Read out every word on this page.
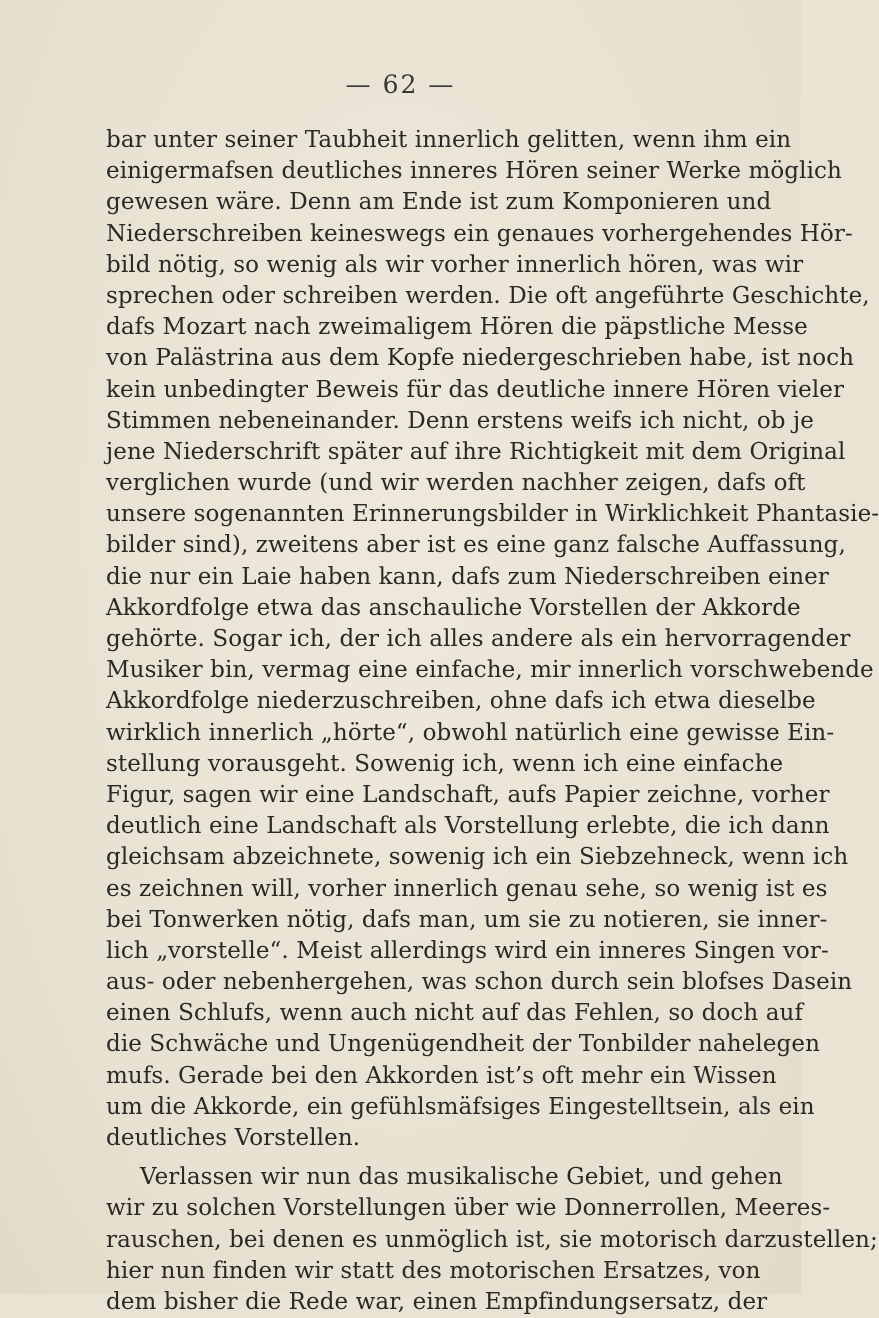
— 62 —
bar unter seiner Taubheit innerlich gelitten, wenn ihm ein
einigermafsen deutliches inneres Hören seiner Werke möglich
gewesen wäre. Denn am Ende ist zum Komponieren und
Niederschreiben keineswegs ein genaues vorhergehendes Hör-
bild nötig, so wenig als wir vorher innerlich hören, was wir
sprechen oder schreiben werden. Die oft angeführte Geschichte,
dafs Mozart nach zweimaligem Hören die päpstliche Messe
von Palästrina aus dem Kopfe niedergeschrieben habe, ist noch
kein unbedingter Beweis für das deutliche innere Hören vieler
Stimmen nebeneinander. Denn erstens weifs ich nicht, ob je
jene Niederschrift später auf ihre Richtigkeit mit dem Original
verglichen wurde (und wir werden nachher zeigen, dafs oft
unsere sogenannten Erinnerungsbilder in Wirklichkeit Phantasie-
bilder sind), zweitens aber ist es eine ganz falsche Auffassung,
die nur ein Laie haben kann, dafs zum Niederschreiben einer
Akkordfolge etwa das anschauliche Vorstellen der Akkorde
gehörte. Sogar ich, der ich alles andere als ein hervorragender
Musiker bin, vermag eine einfache, mir innerlich vorschwebende
Akkordfolge niederzuschreiben, ohne dafs ich etwa dieselbe
wirklich innerlich „hörte“, obwohl natürlich eine gewisse Ein-
stellung vorausgeht. Sowenig ich, wenn ich eine einfache
Figur, sagen wir eine Landschaft, aufs Papier zeichne, vorher
deutlich eine Landschaft als Vorstellung erlebte, die ich dann
gleichsam abzeichnete, sowenig ich ein Siebzehneck, wenn ich
es zeichnen will, vorher innerlich genau sehe, so wenig ist es
bei Tonwerken nötig, dafs man, um sie zu notieren, sie inner-
lich „vorstelle“. Meist allerdings wird ein inneres Singen vor-
aus- oder nebenhergehen, was schon durch sein blofses Dasein
einen Schlufs, wenn auch nicht auf das Fehlen, so doch auf
die Schwäche und Ungenügendheit der Tonbilder nahelegen
mufs. Gerade bei den Akkorden ist’s oft mehr ein Wissen
um die Akkorde, ein gefühlsmäfsiges Eingestelltsein, als ein
deutliches Vorstellen.
Verlassen wir nun das musikalische Gebiet, und gehen
wir zu solchen Vorstellungen über wie Donnerrollen, Meeres-
rauschen, bei denen es unmöglich ist, sie motorisch darzustellen;
hier nun finden wir statt des motorischen Ersatzes, von
dem bisher die Rede war, einen Empfindungsersatz, der
